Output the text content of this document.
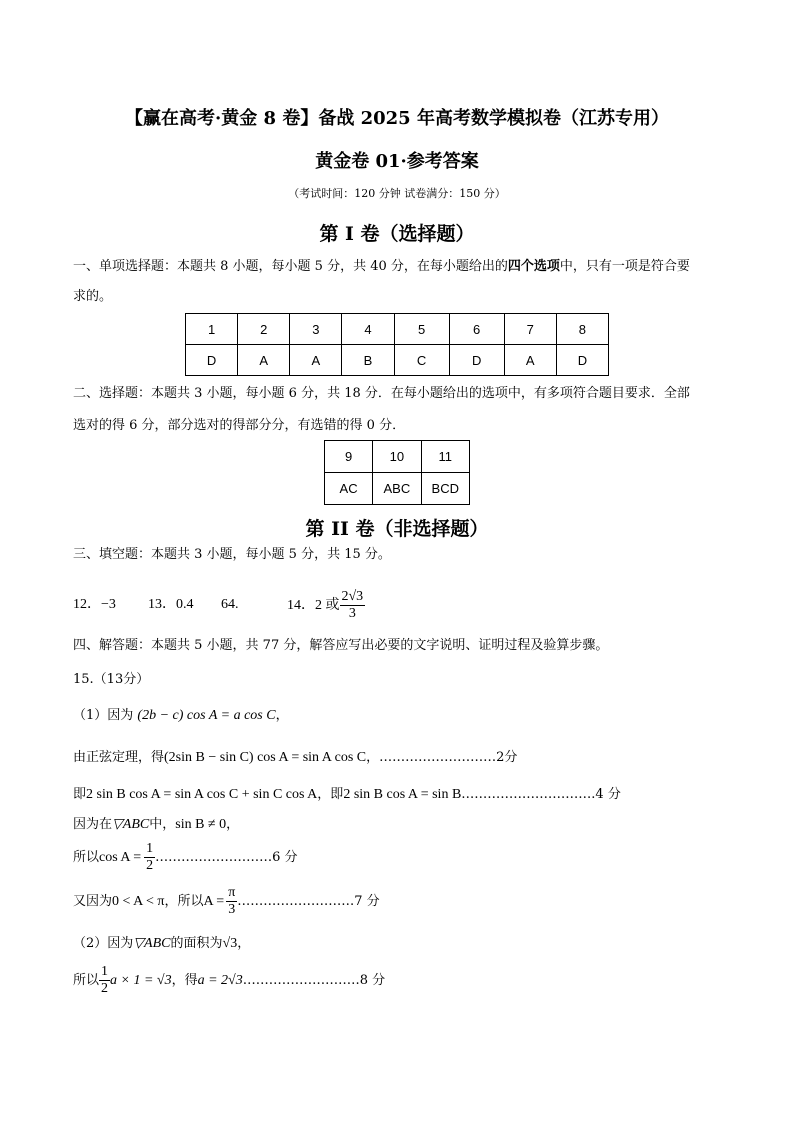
【赢在高考·黄金 8 卷】备战 2025 年高考数学模拟卷（江苏专用）
黄金卷 01·参考答案
（考试时间：120 分钟 试卷满分：150 分）
第 I 卷（选择题）
一、单项选择题：本题共 8 小题，每小题 5 分，共 40 分，在每小题给出的四个选项中，只有一项是符合要
求的。
1	2	3	4	5	6	7	8
D	A	A	B	C	D	A	D
二、选择题：本题共 3 小题，每小题 6 分，共 18 分．在每小题给出的选项中，有多项符合题目要求．全部
选对的得 6 分，部分选对的得部分分，有选错的得 0 分．
9	10	11
AC	ABC	BCD
第 II 卷（非选择题）
三、填空题：本题共 3 小题，每小题 5 分，共 15 分。
12．−3 13．0.4 64.	14．2 或 $\frac{2√3}{3}$
四、解答题：本题共 5 小题，共 77 分，解答应写出必要的文字说明、证明过程及验算步骤。
15.（13分）
（1）因为 (2b − c) cos A = a cos C，
由正弦定理，得(2sin B − sin C) cos A = sin A cos C，………………………2分
即2 sin B cos A = sin A cos C + sin C cos A，即2 sin B cos A = sin B………………………….4 分
因为在▽ABC中，sin B ≠ 0，
所以 $\cos A = \frac{1}{2}$ ………………………6 分
又因为 0 < A < π ，所以 $A = \frac{\pi}{3}$ ………………………7 分
（2）因为▽ABC的面积为√3，
所以 $\frac{1}{2}$ a × 1 = √3 ，得 a = 2√3 ………………………8 分
